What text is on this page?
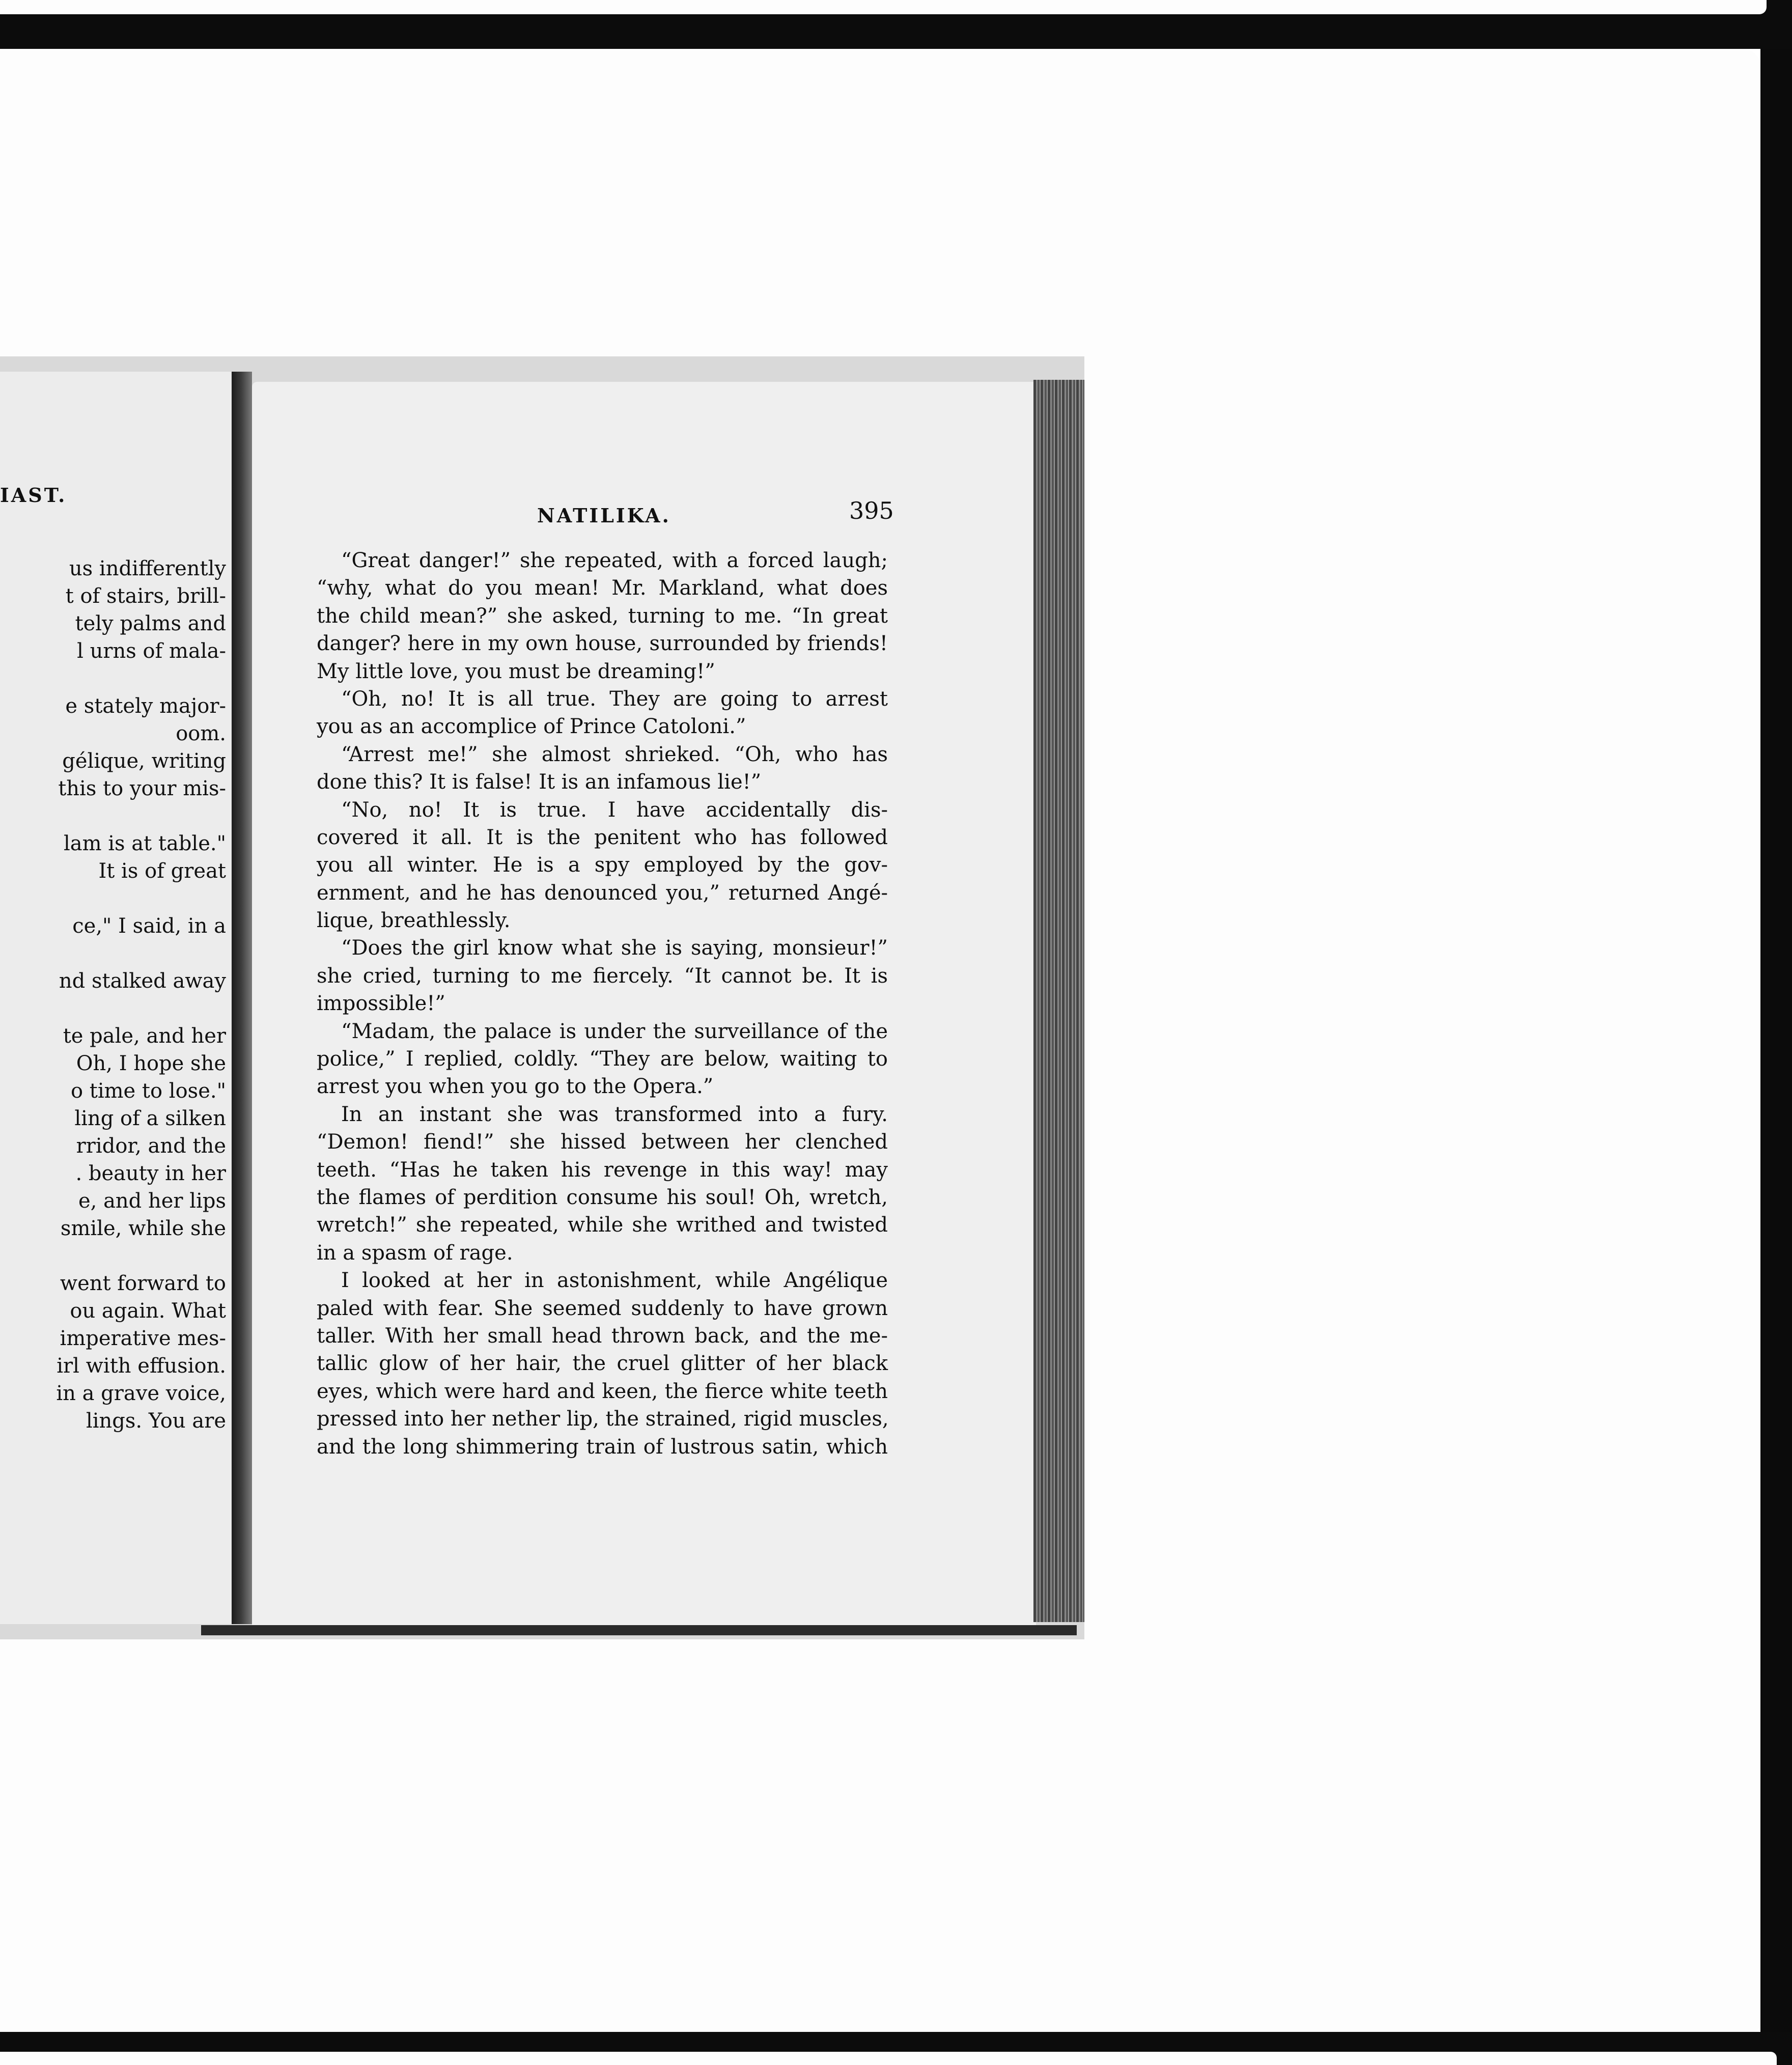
IAST.
us indifferently
t of stairs, brill-
tely palms and
l urns of mala-
e stately major-
oom.
gélique, writing
this to your mis-
lam is at table."
It is of great
ce," I said, in a
nd stalked away
te pale, and her
Oh, I hope she
o time to lose."
ling of a silken
rridor, and the
. beauty in her
e, and her lips
smile, while she
went forward to
ou again. What
imperative mes-
irl with effusion.
in a grave voice,
lings. You are
NATILIKA.	395
“Great danger!” she repeated, with a forced laugh;
“why, what do you mean! Mr. Markland, what does
the child mean?” she asked, turning to me. “In great
danger? here in my own house, surrounded by friends!
My little love, you must be dreaming!”
“Oh, no! It is all true. They are going to arrest
you as an accomplice of Prince Catoloni.”
“Arrest me!” she almost shrieked. “Oh, who has
done this? It is false! It is an infamous lie!”
“No, no! It is true. I have accidentally dis-
covered it all. It is the penitent who has followed
you all winter. He is a spy employed by the gov-
ernment, and he has denounced you,” returned Angé-
lique, breathlessly.
“Does the girl know what she is saying, monsieur!”
she cried, turning to me fiercely. “It cannot be. It is
impossible!”
“Madam, the palace is under the surveillance of the
police,” I replied, coldly. “They are below, waiting to
arrest you when you go to the Opera.”
In an instant she was transformed into a fury.
“Demon! fiend!” she hissed between her clenched
teeth. “Has he taken his revenge in this way! may
the flames of perdition consume his soul! Oh, wretch,
wretch!” she repeated, while she writhed and twisted
in a spasm of rage.
I looked at her in astonishment, while Angélique
paled with fear. She seemed suddenly to have grown
taller. With her small head thrown back, and the me-
tallic glow of her hair, the cruel glitter of her black
eyes, which were hard and keen, the fierce white teeth
pressed into her nether lip, the strained, rigid muscles,
and the long shimmering train of lustrous satin, which
